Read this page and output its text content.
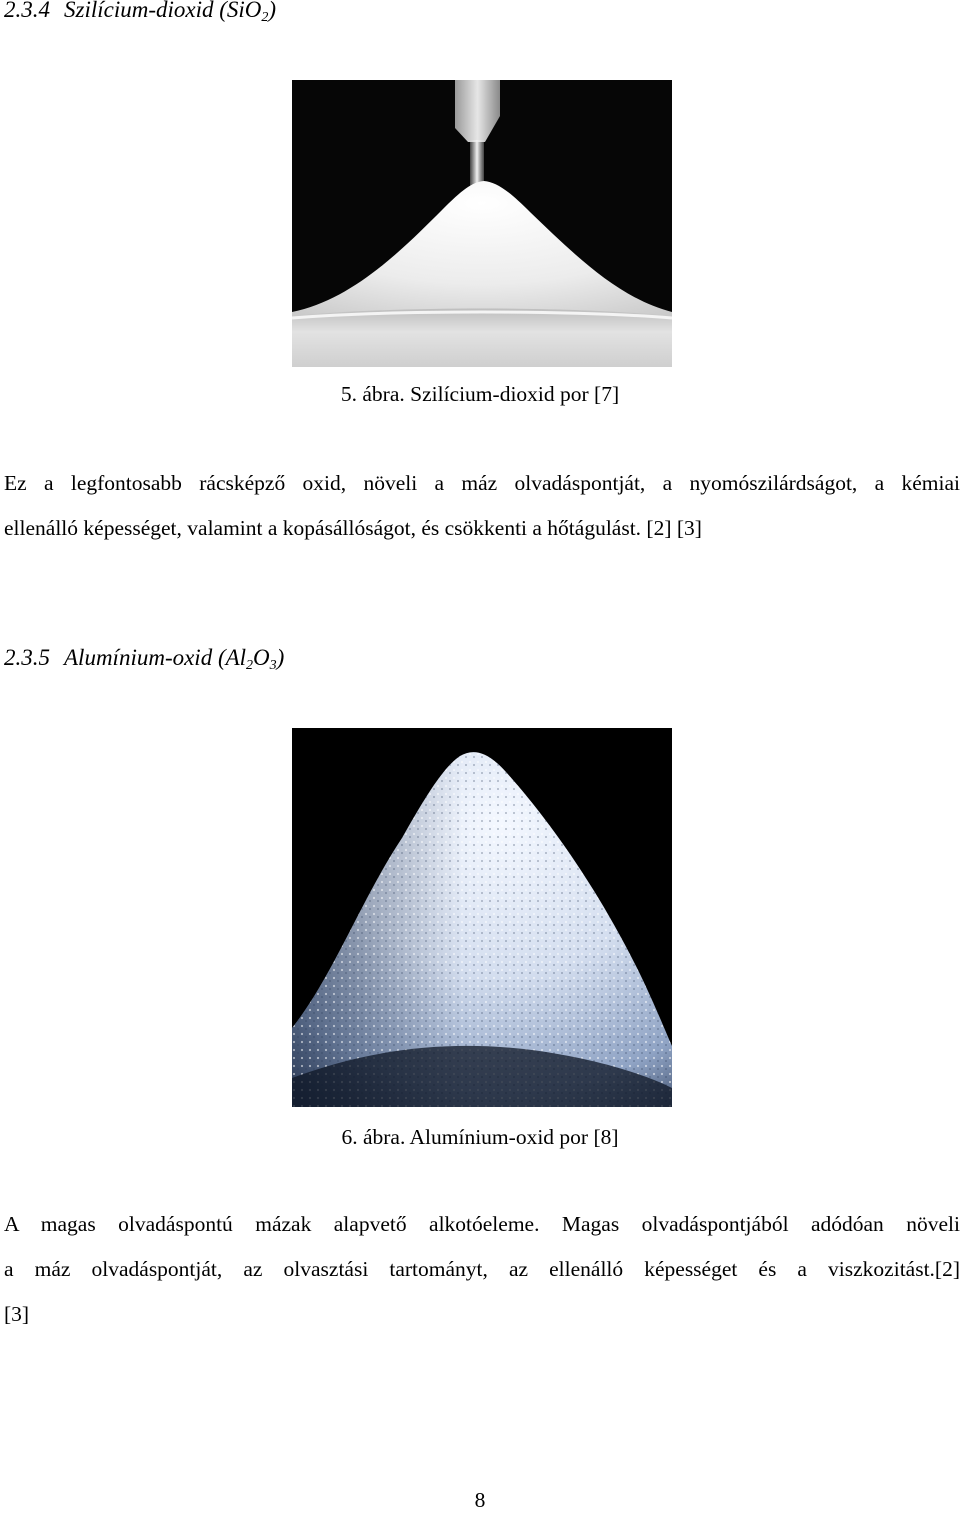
2.3.4 Szilícium-dioxid (SiO$_2$)

5. ábra. Szilícium-dioxid por [7]

Ez a legfontosabb rácsképző oxid, növeli a máz olvadáspontját, a nyomószilárdságot, a kémiai
ellenálló képességet, valamint a kopásállóságot, és csökkenti a hőtágulást. [2] [3]

2.3.5 Alumínium-oxid $(Al_2O_3)$

6. ábra. Alumínium-oxid por [8]

A magas olvadáspontú mázak alapvető alkotóeleme. Magas olvadáspontjából adódóan növeli
a máz olvadáspontját, az olvasztási tartományt, az ellenálló képességet és a viszkozitást.[2]
[3]

8
